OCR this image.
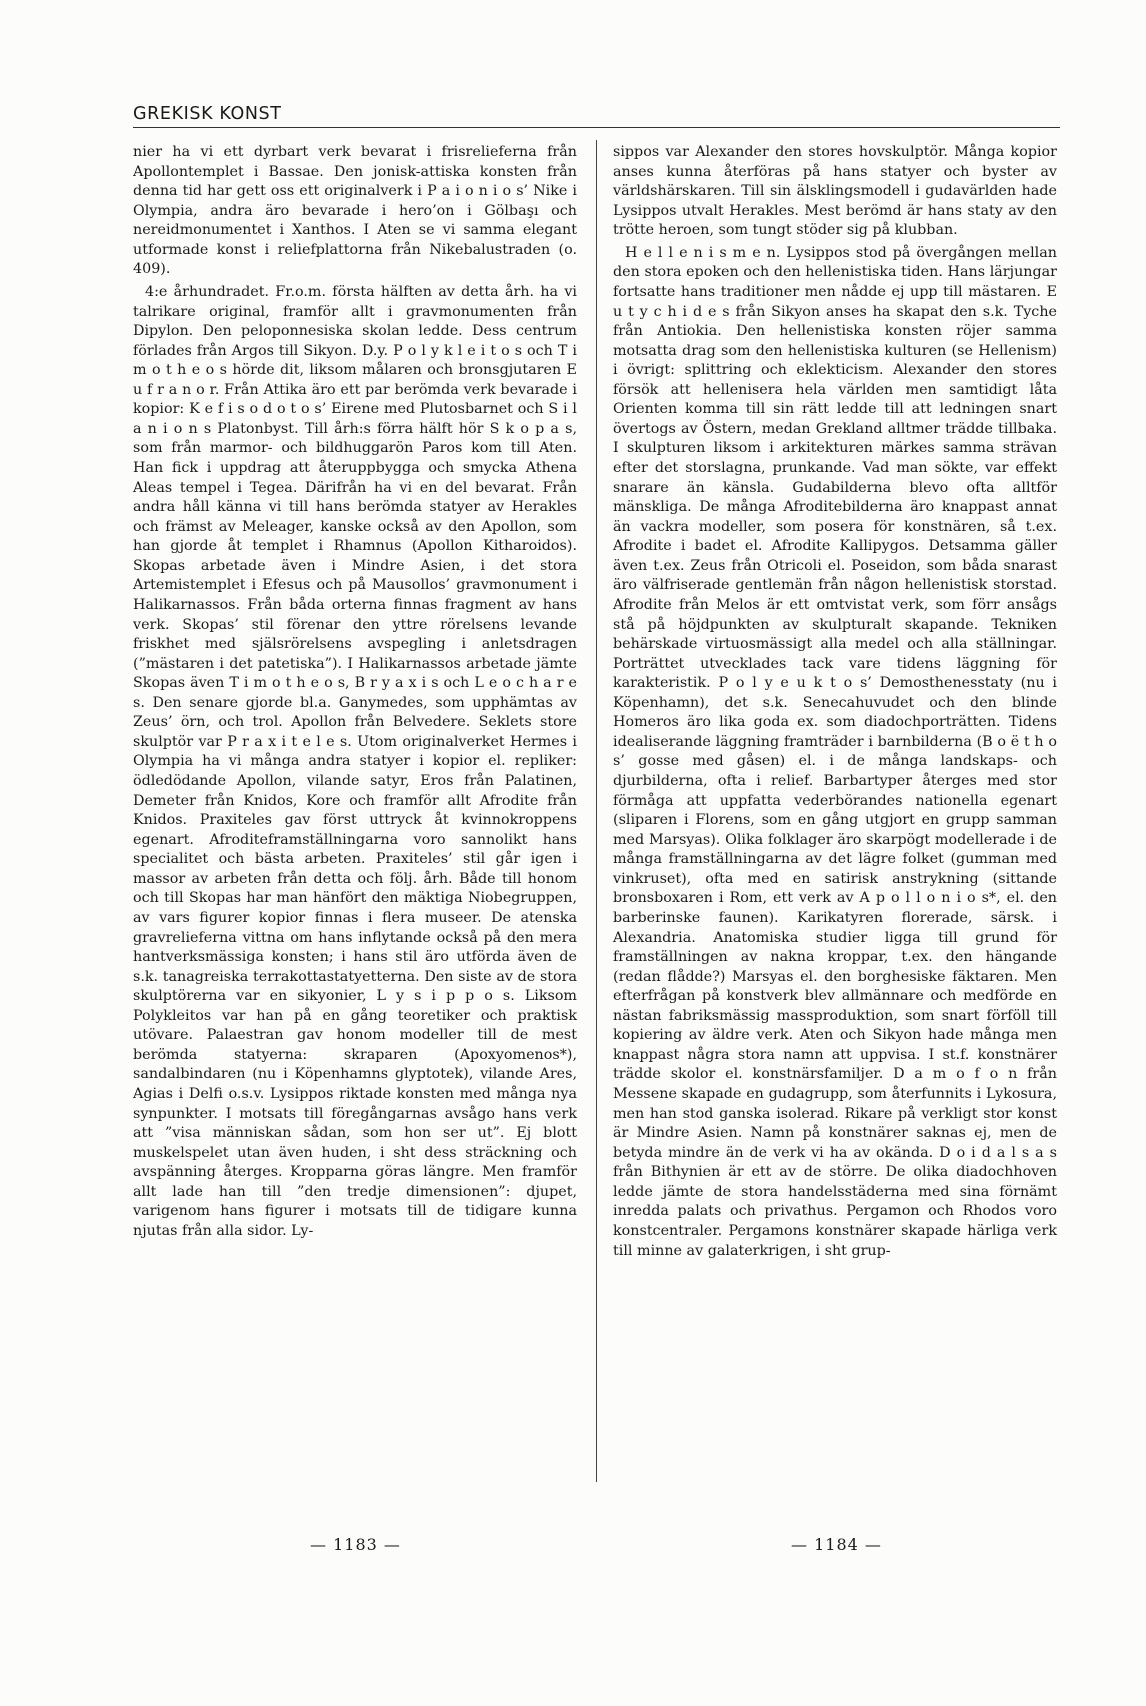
GREKISK KONST

nier ha vi ett dyrbart verk bevarat i frisrelieferna från Apollontemplet i Bassae. Den jonisk-attiska konsten från denna tid har gett oss ett originalverk i P a i o n i o s’ Nike i Olympia, andra äro bevarade i hero’on i Gölbaşı och nereidmonumentet i Xanthos. I Aten se vi samma elegant utformade konst i reliefplattorna från Nikebalustraden (o. 409).

4:e århundradet. Fr.o.m. första hälften av detta årh. ha vi talrikare original, framför allt i gravmonumenten från Dipylon. Den peloponnesiska skolan ledde. Dess centrum förlades från Argos till Sikyon. D.y. P o l y k l e i t o s och T i m o t h e o s hörde dit, liksom målaren och bronsgjutaren E u f r a n o r. Från Attika äro ett par berömda verk bevarade i kopior: K e f i s o d o t o s’ Eirene med Plutosbarnet och S i l a n i o n s Platonbyst. Till årh:s förra hälft hör S k o p a s, som från marmor- och bildhuggarön Paros kom till Aten. Han fick i uppdrag att återuppbygga och smycka Athena Aleas tempel i Tegea. Därifrån ha vi en del bevarat. Från andra håll känna vi till hans berömda statyer av Herakles och främst av Meleager, kanske också av den Apollon, som han gjorde åt templet i Rhamnus (Apollon Kitharoidos). Skopas arbetade även i Mindre Asien, i det stora Artemistemplet i Efesus och på Mausollos’ gravmonument i Halikarnassos. Från båda orterna finnas fragment av hans verk. Skopas’ stil förenar den yttre rörelsens levande friskhet med själsrörelsens avspegling i anletsdragen (”mästaren i det patetiska”). I Halikarnassos arbetade jämte Skopas även T i m o t h e o s, B r y a x i s och L e o c h a r e s. Den senare gjorde bl.a. Ganymedes, som upphämtas av Zeus’ örn, och trol. Apollon från Belvedere. Seklets store skulptör var P r a x i t e l e s. Utom originalverket Hermes i Olympia ha vi många andra statyer i kopior el. repliker: ödledödande Apollon, vilande satyr, Eros från Palatinen, Demeter från Knidos, Kore och framför allt Afrodite från Knidos. Praxiteles gav först uttryck åt kvinnokroppens egenart. Afroditeframställningarna voro sannolikt hans specialitet och bästa arbeten. Praxiteles’ stil går igen i massor av arbeten från detta och följ. årh. Både till honom och till Skopas har man hänfört den mäktiga Niobegruppen, av vars figurer kopior finnas i flera museer. De atenska gravrelieferna vittna om hans inflytande också på den mera hantverksmässiga konsten; i hans stil äro utförda även de s.k. tanagreiska terrakottastatyetterna. Den siste av de stora skulptörerna var en sikyonier, L y s i p p o s. Liksom Polykleitos var han på en gång teoretiker och praktisk utövare. Palaestran gav honom modeller till de mest berömda statyerna: skraparen (Apoxyomenos*), sandalbindaren (nu i Köpenhamns glyptotek), vilande Ares, Agias i Delfi o.s.v. Lysippos riktade konsten med många nya synpunkter. I motsats till föregångarnas avsågo hans verk att ”visa människan sådan, som hon ser ut”. Ej blott muskelspelet utan även huden, i sht dess sträckning och avspänning återges. Kropparna göras längre. Men framför allt lade han till ”den tredje dimensionen”: djupet, varigenom hans figurer i motsats till de tidigare kunna njutas från alla sidor. Ly-

sippos var Alexander den stores hovskulptör. Många kopior anses kunna återföras på hans statyer och byster av världshärskaren. Till sin älsklingsmodell i gudavärlden hade Lysippos utvalt Herakles. Mest berömd är hans staty av den trötte heroen, som tungt stöder sig på klubban.

H e l l e n i s m e n. Lysippos stod på övergången mellan den stora epoken och den hellenistiska tiden. Hans lärjungar fortsatte hans traditioner men nådde ej upp till mästaren. E u t y c h i d e s från Sikyon anses ha skapat den s.k. Tyche från Antiokia. Den hellenistiska konsten röjer samma motsatta drag som den hellenistiska kulturen (se Hellenism) i övrigt: splittring och eklekticism. Alexander den stores försök att hellenisera hela världen men samtidigt låta Orienten komma till sin rätt ledde till att ledningen snart övertogs av Östern, medan Grekland alltmer trädde tillbaka. I skulpturen liksom i arkitekturen märkes samma strävan efter det storslagna, prunkande. Vad man sökte, var effekt snarare än känsla. Gudabilderna blevo ofta alltför mänskliga. De många Afroditebilderna äro knappast annat än vackra modeller, som posera för konstnären, så t.ex. Afrodite i badet el. Afrodite Kallipygos. Detsamma gäller även t.ex. Zeus från Otricoli el. Poseidon, som båda snarast äro välfriserade gentlemän från någon hellenistisk storstad. Afrodite från Melos är ett omtvistat verk, som förr ansågs stå på höjdpunkten av skulpturalt skapande. Tekniken behärskade virtuosmässigt alla medel och alla ställningar. Porträttet utvecklades tack vare tidens läggning för karakteristik. P o l y e u k t o s’ Demosthenesstaty (nu i Köpenhamn), det s.k. Senecahuvudet och den blinde Homeros äro lika goda ex. som diadochporträtten. Tidens idealiserande läggning framträder i barnbilderna (B o ë t h o s’ gosse med gåsen) el. i de många landskaps- och djurbilderna, ofta i relief. Barbartyper återges med stor förmåga att uppfatta vederbörandes nationella egenart (sliparen i Florens, som en gång utgjort en grupp samman med Marsyas). Olika folklager äro skarpögt modellerade i de många framställningarna av det lägre folket (gumman med vinkruset), ofta med en satirisk anstrykning (sittande bronsboxaren i Rom, ett verk av A p o l l o n i o s*, el. den barberinske faunen). Karikatyren florerade, särsk. i Alexandria. Anatomiska studier ligga till grund för framställningen av nakna kroppar, t.ex. den hängande (redan flådde?) Marsyas el. den borghesiske fäktaren. Men efterfrågan på konstverk blev allmännare och medförde en nästan fabriksmässig massproduktion, som snart förföll till kopiering av äldre verk. Aten och Sikyon hade många men knappast några stora namn att uppvisa. I st.f. konstnärer trädde skolor el. konstnärsfamiljer. D a m o f o n från Messene skapade en gudagrupp, som återfunnits i Lykosura, men han stod ganska isolerad. Rikare på verkligt stor konst är Mindre Asien. Namn på konstnärer saknas ej, men de betyda mindre än de verk vi ha av okända. D o i d a l s a s från Bithynien är ett av de större. De olika diadochhoven ledde jämte de stora handelsstäderna med sina förnämt inredda palats och privathus. Pergamon och Rhodos voro konstcentraler. Pergamons konstnärer skapade härliga verk till minne av galaterkrigen, i sht grup-

— 1183 —	— 1184 —
